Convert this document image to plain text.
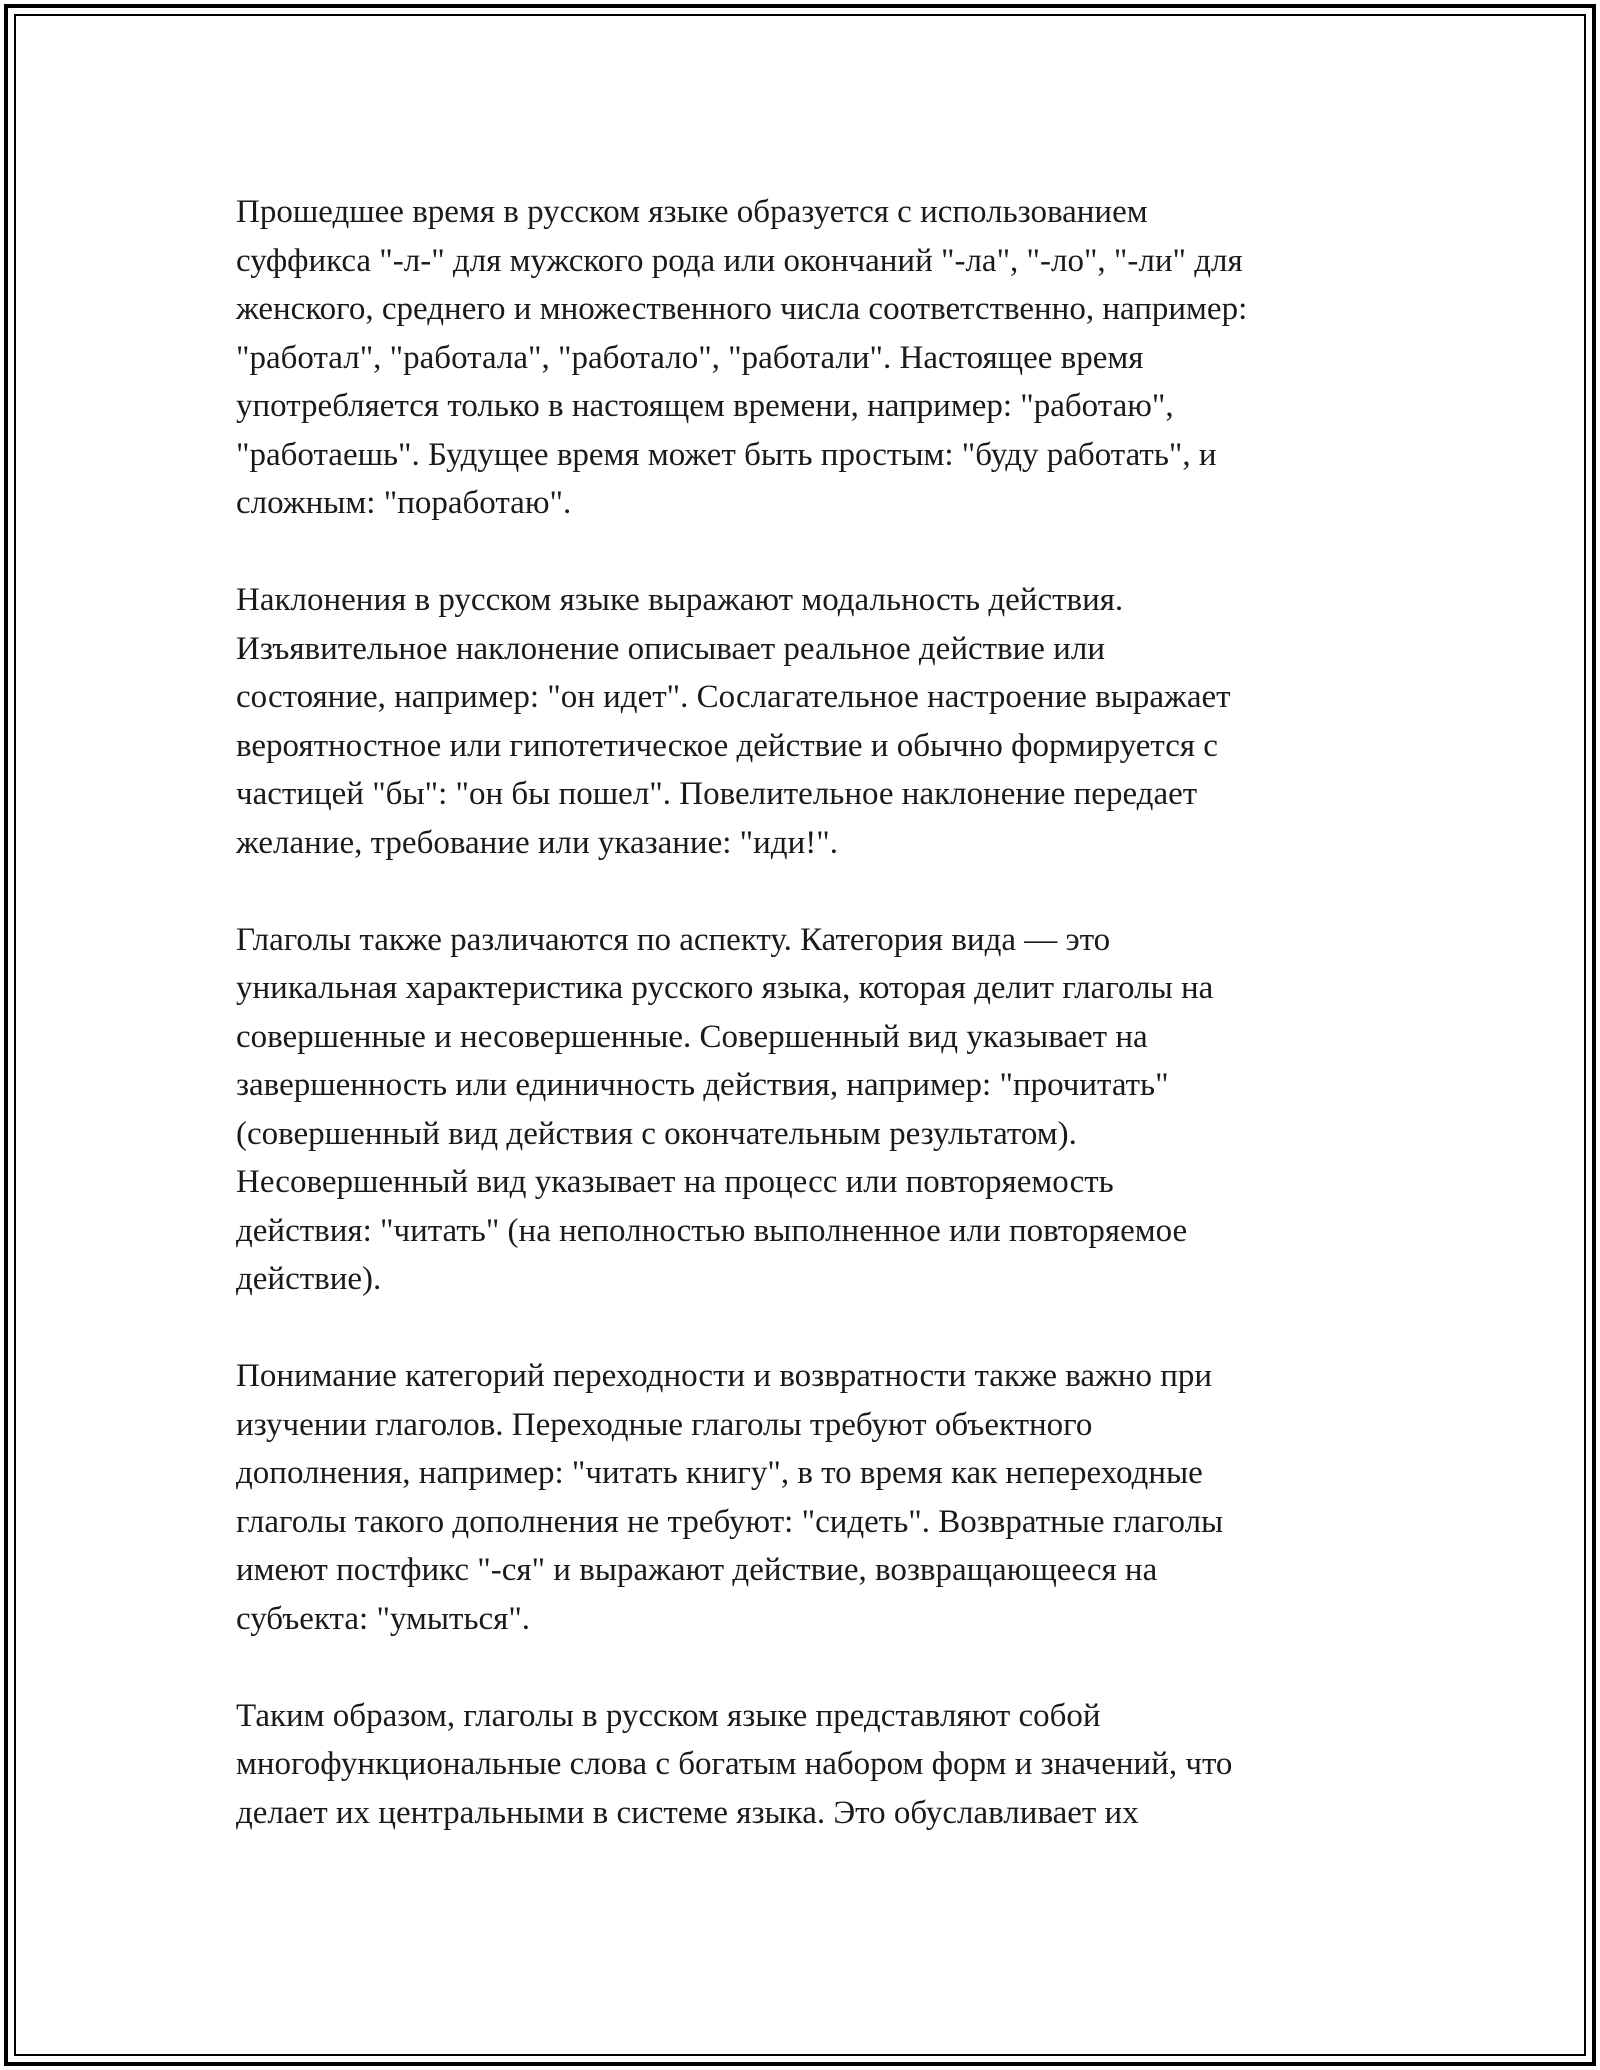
Прошедшее время в русском языке образуется с использованием
суффикса "-л-" для мужского рода или окончаний "-ла", "-ло", "-ли" для
женского, среднего и множественного числа соответственно, например:
"работал", "работала", "работало", "работали". Настоящее время
употребляется только в настоящем времени, например: "работаю",
"работаешь". Будущее время может быть простым: "буду работать", и
сложным: "поработаю".

Наклонения в русском языке выражают модальность действия.
Изъявительное наклонение описывает реальное действие или
состояние, например: "он идет". Сослагательное настроение выражает
вероятностное или гипотетическое действие и обычно формируется с
частицей "бы": "он бы пошел". Повелительное наклонение передает
желание, требование или указание: "иди!".

Глаголы также различаются по аспекту. Категория вида — это
уникальная характеристика русского языка, которая делит глаголы на
совершенные и несовершенные. Совершенный вид указывает на
завершенность или единичность действия, например: "прочитать"
(совершенный вид действия с окончательным результатом).
Несовершенный вид указывает на процесс или повторяемость
действия: "читать" (на неполностью выполненное или повторяемое
действие).

Понимание категорий переходности и возвратности также важно при
изучении глаголов. Переходные глаголы требуют объектного
дополнения, например: "читать книгу", в то время как непереходные
глаголы такого дополнения не требуют: "сидеть". Возвратные глаголы
имеют постфикс "-ся" и выражают действие, возвращающееся на
субъекта: "умыться".

Таким образом, глаголы в русском языке представляют собой
многофункциональные слова с богатым набором форм и значений, что
делает их центральными в системе языка. Это обуславливает их
